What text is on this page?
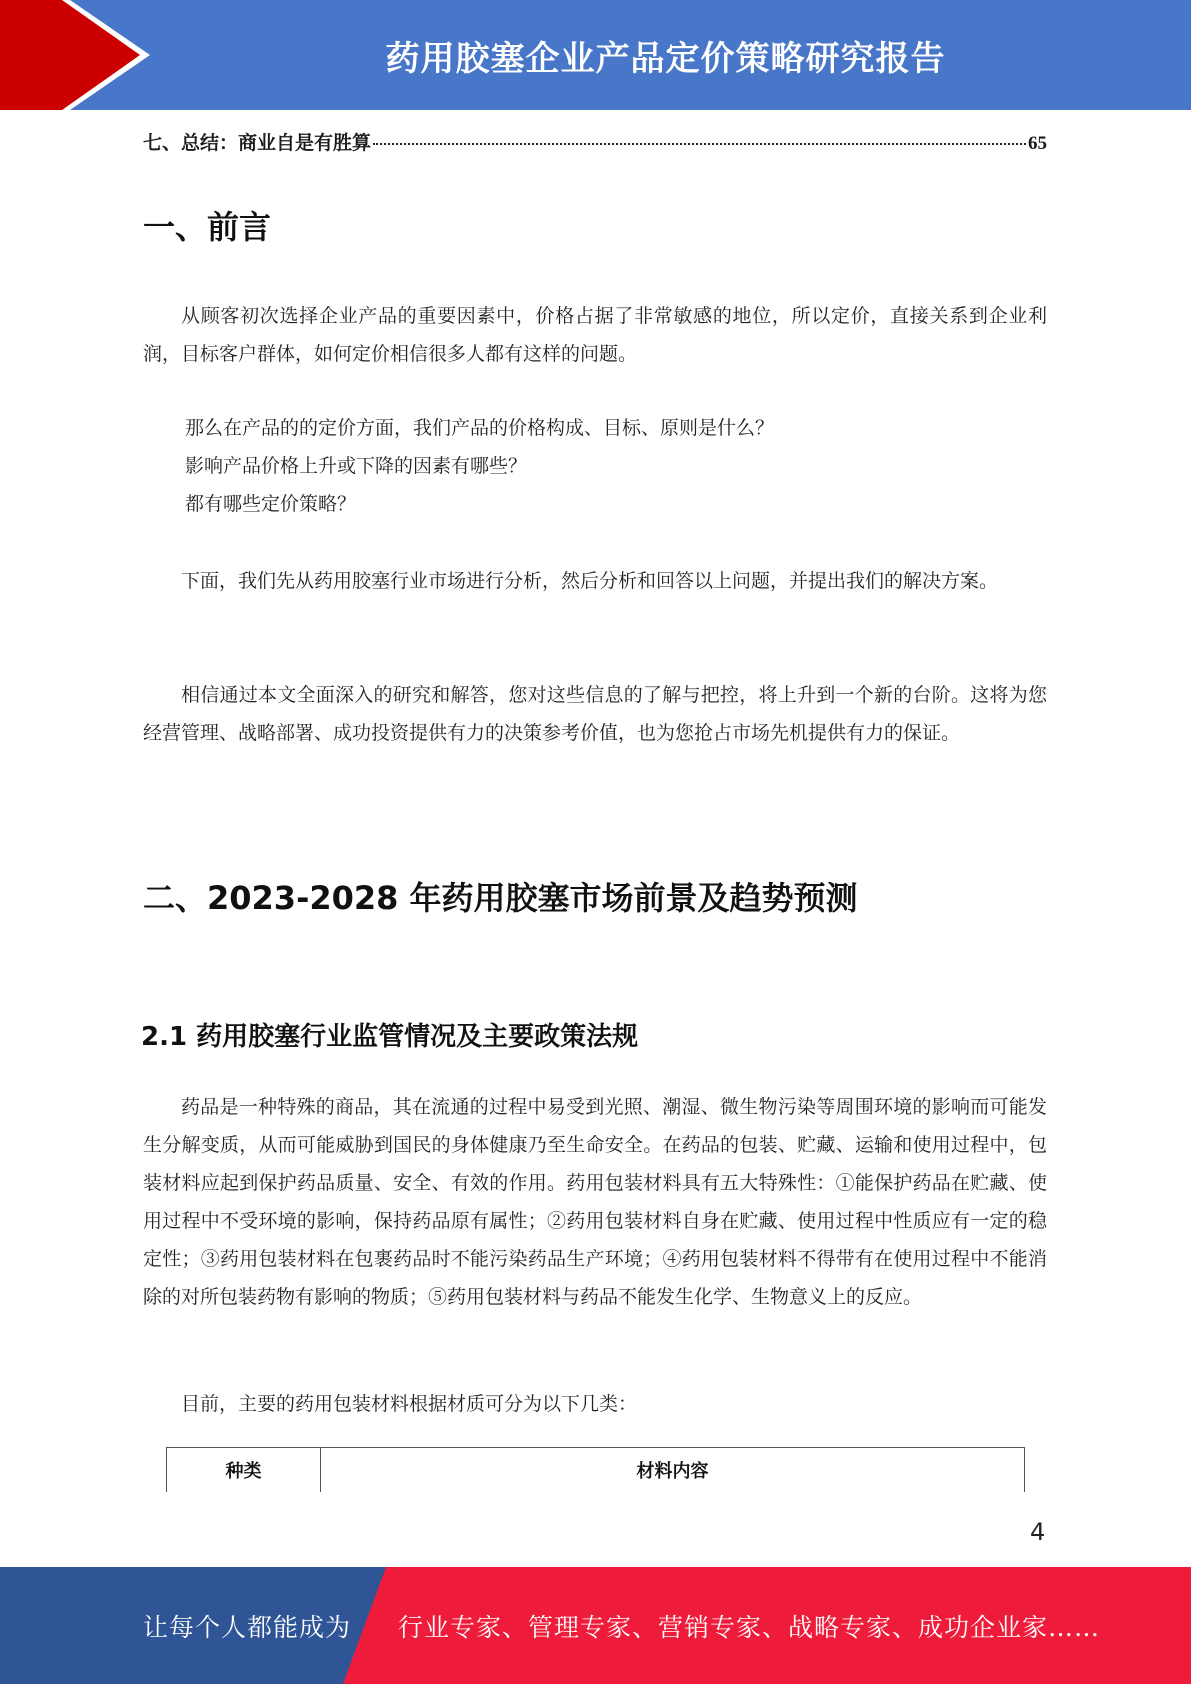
药用胶塞企业产品定价策略研究报告
七、总结：商业自是有胜算	65
一、前言

从顾客初次选择企业产品的重要因素中，价格占据了非常敏感的地位，所以定价，直接关系到企业利润，目标客户群体，如何定价相信很多人都有这样的问题。

那么在产品的的定价方面，我们产品的价格构成、目标、原则是什么？
影响产品价格上升或下降的因素有哪些？
都有哪些定价策略？

下面，我们先从药用胶塞行业市场进行分析，然后分析和回答以上问题，并提出我们的解决方案。

相信通过本文全面深入的研究和解答，您对这些信息的了解与把控，将上升到一个新的台阶。这将为您经营管理、战略部署、成功投资提供有力的决策参考价值，也为您抢占市场先机提供有力的保证。

二、2023-2028 年药用胶塞市场前景及趋势预测
2.1 药用胶塞行业监管情况及主要政策法规

药品是一种特殊的商品，其在流通的过程中易受到光照、潮湿、微生物污染等周围环境的影响而可能发生分解变质，从而可能威胁到国民的身体健康乃至生命安全。在药品的包装、贮藏、运输和使用过程中，包装材料应起到保护药品质量、安全、有效的作用。药用包装材料具有五大特殊性：①能保护药品在贮藏、使用过程中不受环境的影响，保持药品原有属性；②药用包装材料自身在贮藏、使用过程中性质应有一定的稳定性；③药用包装材料在包裹药品时不能污染药品生产环境；④药用包装材料不得带有在使用过程中不能消除的对所包装药物有影响的物质；⑤药用包装材料与药品不能发生化学、生物意义上的反应。

目前，主要的药用包装材料根据材质可分为以下几类：

种类	材料内容
4
让每个人都能成为 行业专家、管理专家、营销专家、战略专家、成功企业家……
